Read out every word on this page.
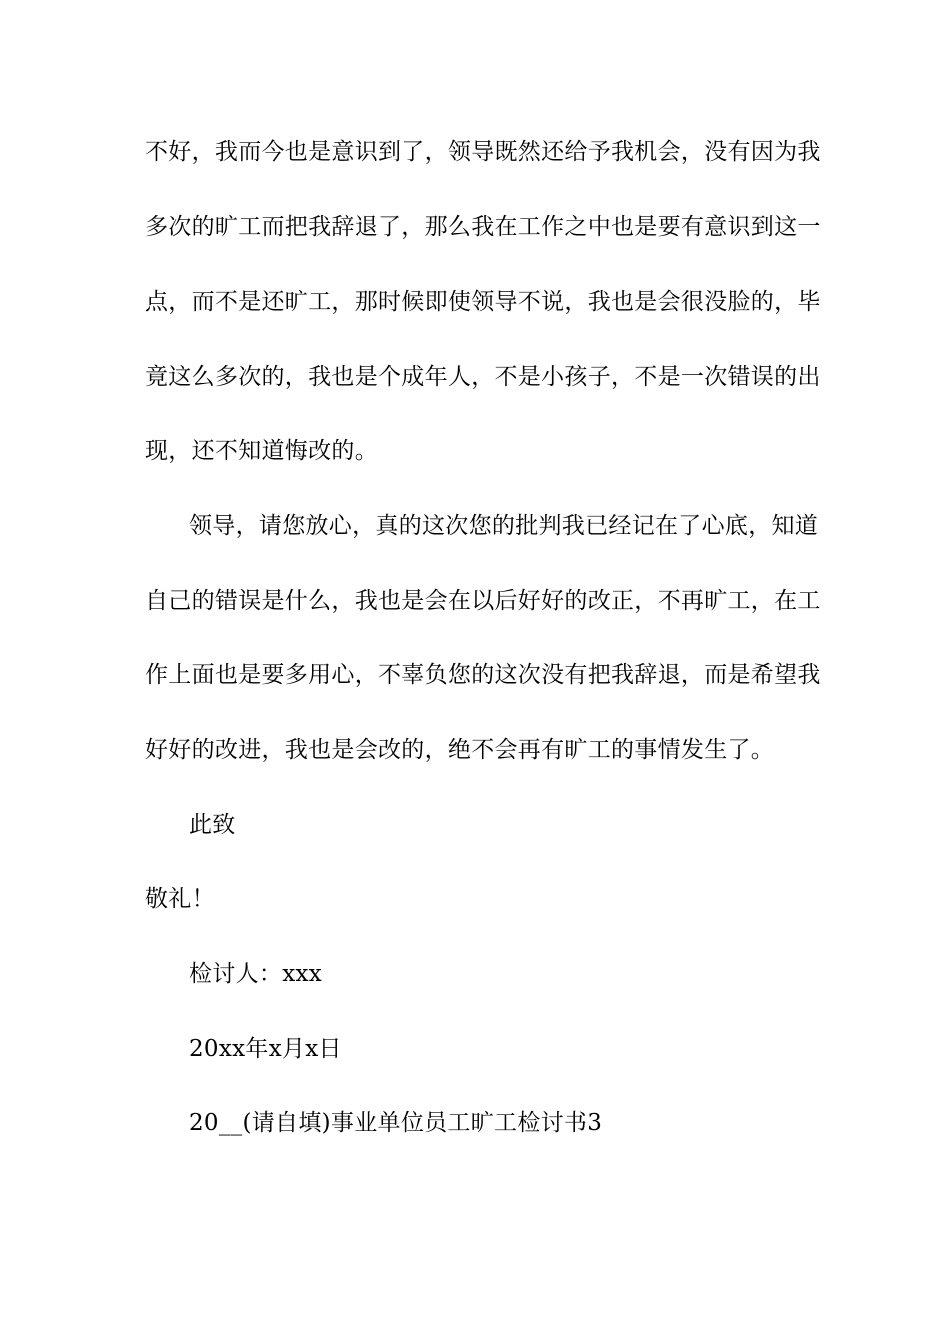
不好，我而今也是意识到了，领导既然还给予我机会，没有因为我
多次的旷工而把我辞退了，那么我在工作之中也是要有意识到这一
点，而不是还旷工，那时候即使领导不说，我也是会很没脸的，毕
竟这么多次的，我也是个成年人，不是小孩子，不是一次错误的出
现，还不知道悔改的。
领导，请您放心，真的这次您的批判我已经记在了心底，知道
自己的错误是什么，我也是会在以后好好的改正，不再旷工，在工
作上面也是要多用心，不辜负您的这次没有把我辞退，而是希望我
好好的改进，我也是会改的，绝不会再有旷工的事情发生了。
此致
敬礼！
检讨人：xxx
20xx年x月x日
20__(请自填)事业单位员工旷工检讨书3
